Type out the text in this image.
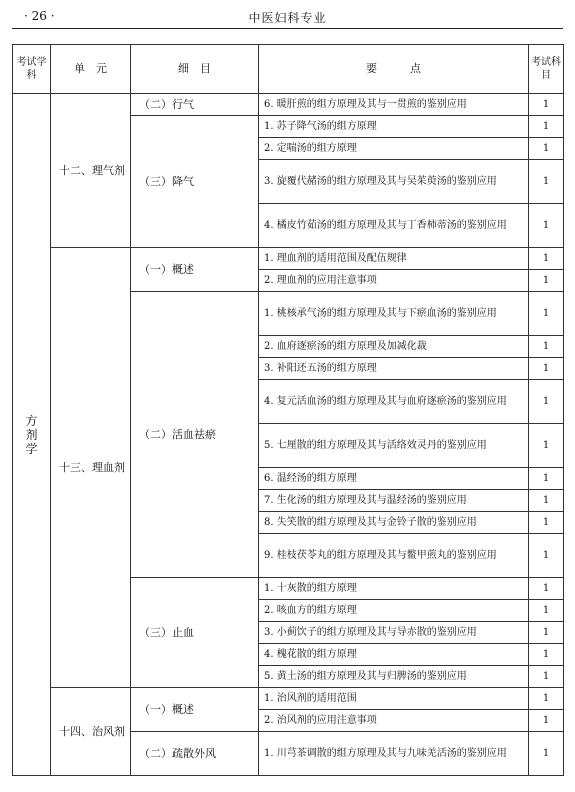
· 26 ·	中医妇科专业
考试学科	单　元	细　目	要　　　点	考试科目
方剂学	十二、理气剂	（二）行气	6. 暖肝煎的组方原理及其与一贯煎的鉴别应用	1
		（三）降气	1. 苏子降气汤的组方原理	1
			2. 定喘汤的组方原理	1
			3. 旋覆代赭汤的组方原理及其与吴茱萸汤的鉴别应用	1
			4. 橘皮竹茹汤的组方原理及其与丁香柿蒂汤的鉴别应用	1
	十三、理血剂	（一）概述	1. 理血剂的适用范围及配伍规律	1
			2. 理血剂的应用注意事项	1
		（二）活血祛瘀	1. 桃核承气汤的组方原理及其与下瘀血汤的鉴别应用	1
			2. 血府逐瘀汤的组方原理及加减化裁	1
			3. 补阳还五汤的组方原理	1
			4. 复元活血汤的组方原理及其与血府逐瘀汤的鉴别应用	1
			5. 七厘散的组方原理及其与活络效灵丹的鉴别应用	1
			6. 温经汤的组方原理	1
			7. 生化汤的组方原理及其与温经汤的鉴别应用	1
			8. 失笑散的组方原理及其与金铃子散的鉴别应用	1
			9. 桂枝茯苓丸的组方原理及其与鳖甲煎丸的鉴别应用	1
		（三）止血	1. 十灰散的组方原理	1
			2. 咳血方的组方原理	1
			3. 小蓟饮子的组方原理及其与导赤散的鉴别应用	1
			4. 槐花散的组方原理	1
			5. 黄土汤的组方原理及其与归脾汤的鉴别应用	1
	十四、治风剂	（一）概述	1. 治风剂的适用范围	1
			2. 治风剂的应用注意事项	1
		（二）疏散外风	1. 川芎茶调散的组方原理及其与九味羌活汤的鉴别应用	1
